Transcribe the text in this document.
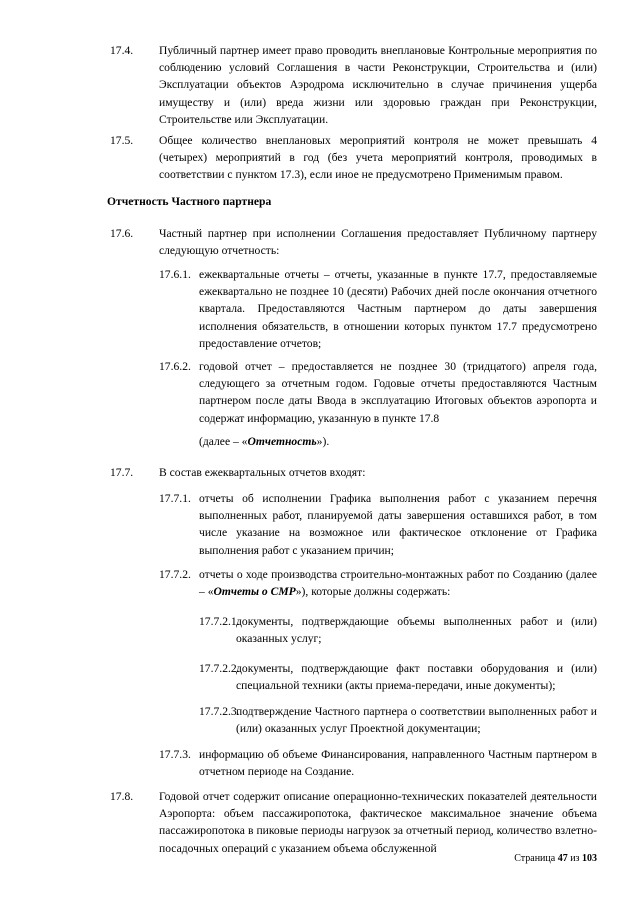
17.4. Публичный партнер имеет право проводить внеплановые Контрольные мероприятия по соблюдению условий Соглашения в части Реконструкции, Строительства и (или) Эксплуатации объектов Аэродрома исключительно в случае причинения ущерба имуществу и (или) вреда жизни или здоровью граждан при Реконструкции, Строительстве или Эксплуатации.
17.5. Общее количество внеплановых мероприятий контроля не может превышать 4 (четырех) мероприятий в год (без учета мероприятий контроля, проводимых в соответствии с пунктом 17.3), если иное не предусмотрено Применимым правом.
Отчетность Частного партнера
17.6. Частный партнер при исполнении Соглашения предоставляет Публичному партнеру следующую отчетность:
17.6.1. ежеквартальные отчеты – отчеты, указанные в пункте 17.7, предоставляемые ежеквартально не позднее 10 (десяти) Рабочих дней после окончания отчетного квартала. Предоставляются Частным партнером до даты завершения исполнения обязательств, в отношении которых пунктом 17.7 предусмотрено предоставление отчетов;
17.6.2. годовой отчет – предоставляется не позднее 30 (тридцатого) апреля года, следующего за отчетным годом. Годовые отчеты предоставляются Частным партнером после даты Ввода в эксплуатацию Итоговых объектов аэропорта и содержат информацию, указанную в пункте 17.8
(далее – «Отчетность»).
17.7. В состав ежеквартальных отчетов входят:
17.7.1. отчеты об исполнении Графика выполнения работ с указанием перечня выполненных работ, планируемой даты завершения оставшихся работ, в том числе указание на возможное или фактическое отклонение от Графика выполнения работ с указанием причин;
17.7.2. отчеты о ходе производства строительно-монтажных работ по Созданию (далее – «Отчеты о СМР»), которые должны содержать:
17.7.2.1.
документы, подтверждающие объемы выполненных работ и (или) оказанных услуг;
17.7.2.2.
документы, подтверждающие факт поставки оборудования и (или) специальной техники (акты приема-передачи, иные документы);
17.7.2.3.
подтверждение Частного партнера о соответствии выполненных работ и (или) оказанных услуг Проектной документации;
17.7.3. информацию об объеме Финансирования, направленного Частным партнером в отчетном периоде на Создание.
17.8. Годовой отчет содержит описание операционно-технических показателей деятельности Аэропорта: объем пассажиропотока, фактическое максимальное значение объема пассажиропотока в пиковые периоды нагрузок за отчетный период, количество взлетно-посадочных операций с указанием объема обслуженной
Страница 47 из 103
